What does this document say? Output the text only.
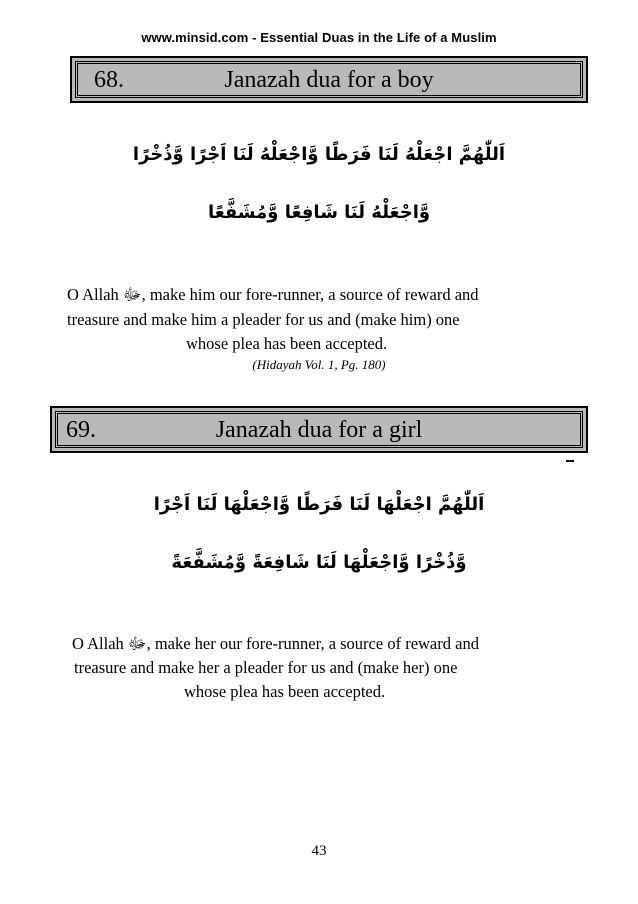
www.minsid.com - Essential Duas in the Life of a Muslim
Janazah dua for a boy
68.
اَللّٰهُمَّ اجْعَلْهُ لَنَا فَرَطًا وَّاجْعَلْهُ لَنَا اَجْرًا وَّذُخْرًا
وَّاجْعَلْهُ لَنَا شَافِعًا وَّمُشَفَّعًا
O Allah ﷻ, make him our fore-runner, a source of reward and
treasure and make him a pleader for us and (make him) one
whose plea has been accepted.
(Hidayah Vol. 1, Pg. 180)
Janazah dua for a girl
69.
اَللّٰهُمَّ اجْعَلْهَا لَنَا فَرَطًا وَّاجْعَلْهَا لَنَا اَجْرًا
وَّذُخْرًا وَّاجْعَلْهَا لَنَا شَافِعَةً وَّمُشَفَّعَةً
O Allah ﷻ, make her our fore-runner, a source of reward and
treasure and make her a pleader for us and (make her) one
whose plea has been accepted.
43
